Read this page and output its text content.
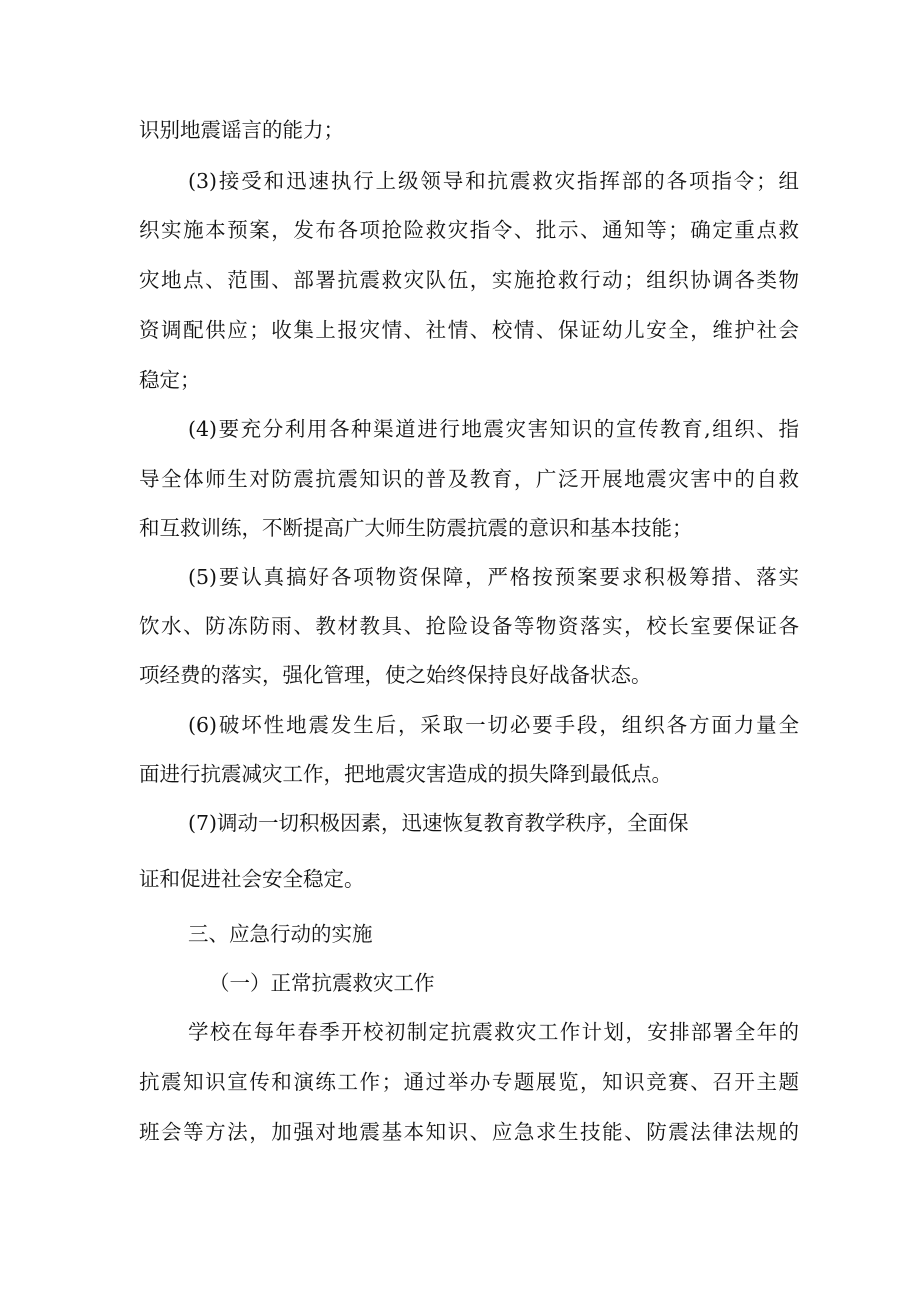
识别地震谣言的能力；
(3)接受和迅速执行上级领导和抗震救灾指挥部的各项指令；组
织实施本预案，发布各项抢险救灾指令、批示、通知等；确定重点救
灾地点、范围、部署抗震救灾队伍，实施抢救行动；组织协调各类物
资调配供应；收集上报灾情、社情、校情、保证幼儿安全，维护社会
稳定；
(4)要充分利用各种渠道进行地震灾害知识的宣传教育,组织、指
导全体师生对防震抗震知识的普及教育，广泛开展地震灾害中的自救
和互救训练，不断提高广大师生防震抗震的意识和基本技能；
(5)要认真搞好各项物资保障，严格按预案要求积极筹措、落实
饮水、防冻防雨、教材教具、抢险设备等物资落实，校长室要保证各
项经费的落实，强化管理，使之始终保持良好战备状态。
(6)破坏性地震发生后，采取一切必要手段，组织各方面力量全
面进行抗震减灾工作，把地震灾害造成的损失降到最低点。
(7)调动一切积极因素，迅速恢复教育教学秩序，全面保
证和促进社会安全稳定。
三、应急行动的实施
（一）正常抗震救灾工作
学校在每年春季开校初制定抗震救灾工作计划，安排部署全年的
抗震知识宣传和演练工作；通过举办专题展览，知识竞赛、召开主题
班会等方法，加强对地震基本知识、应急求生技能、防震法律法规的
